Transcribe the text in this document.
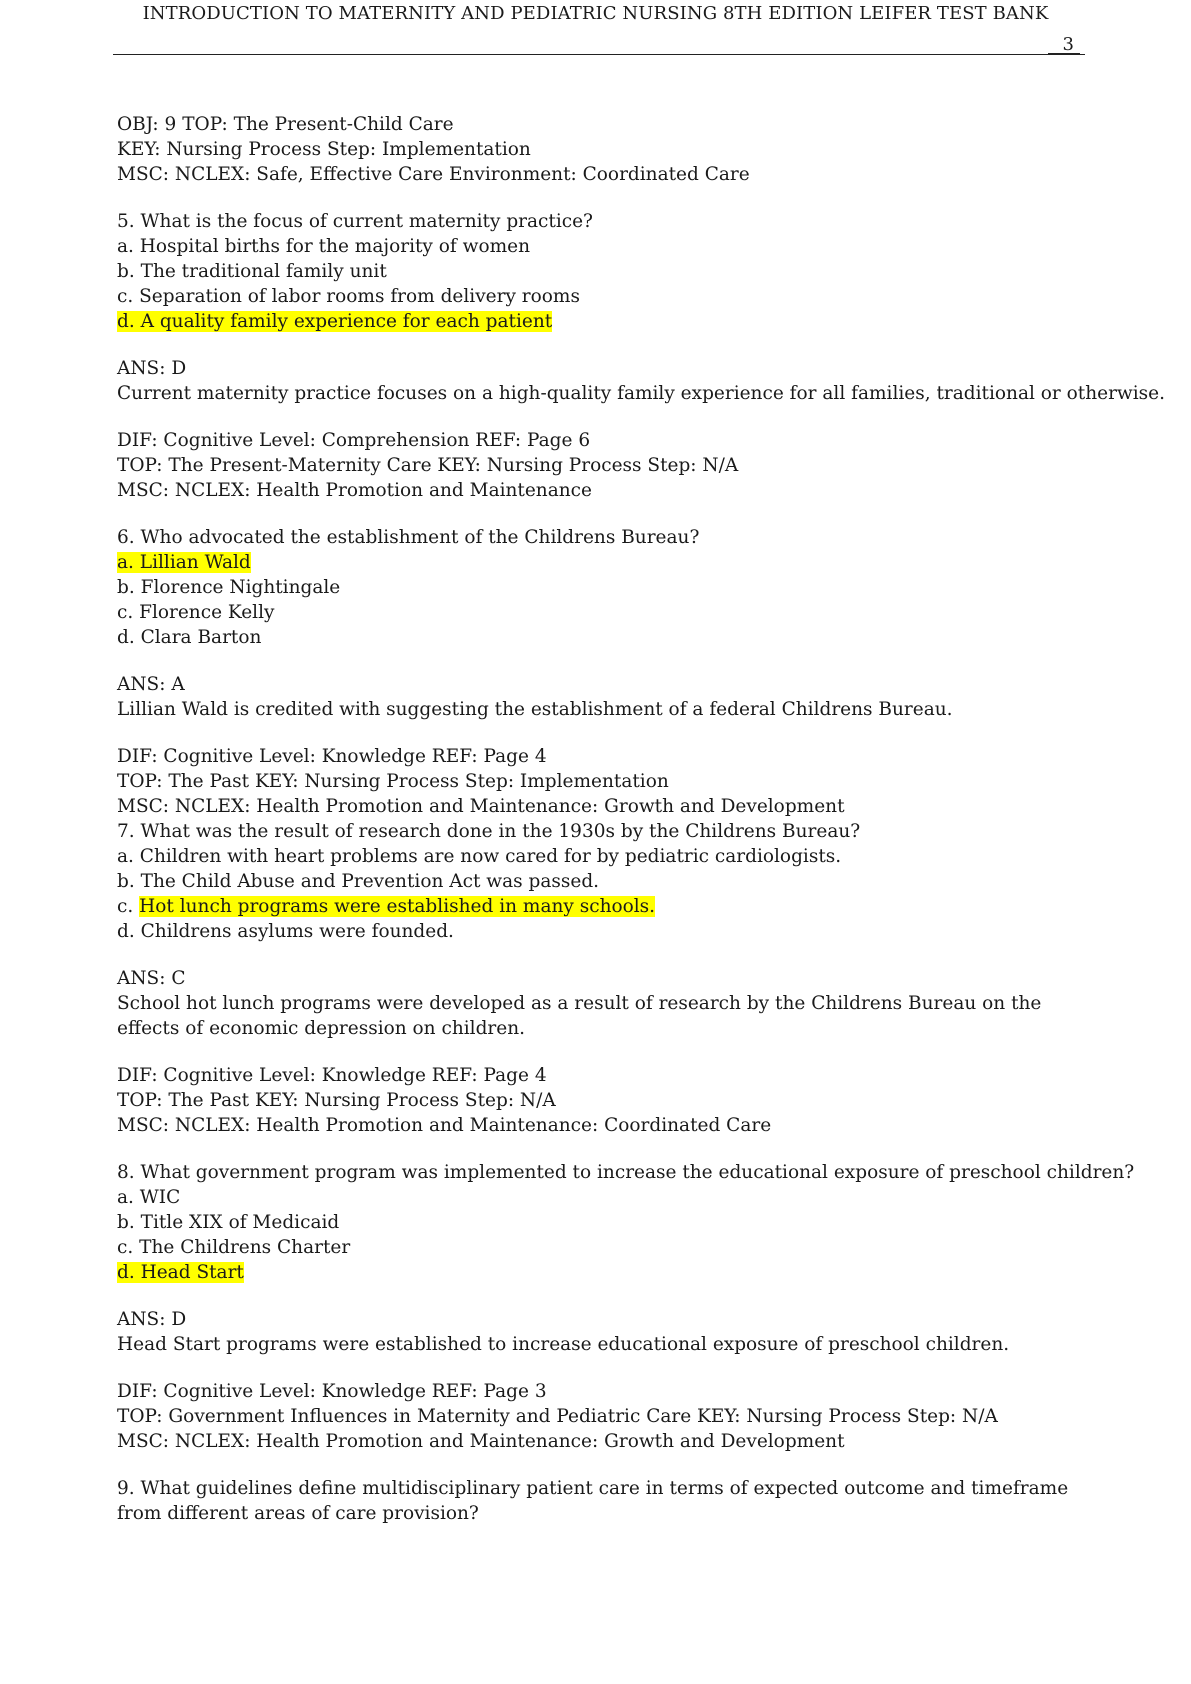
INTRODUCTION TO MATERNITY AND PEDIATRIC NURSING 8TH EDITION LEIFER TEST BANK
3
OBJ: 9 TOP: The Present-Child Care
KEY: Nursing Process Step: Implementation
MSC: NCLEX: Safe, Effective Care Environment: Coordinated Care
5. What is the focus of current maternity practice?
a. Hospital births for the majority of women
b. The traditional family unit
c. Separation of labor rooms from delivery rooms
d. A quality family experience for each patient
ANS: D
Current maternity practice focuses on a high-quality family experience for all families, traditional or otherwise.
DIF: Cognitive Level: Comprehension REF: Page 6
TOP: The Present-Maternity Care KEY: Nursing Process Step: N/A
MSC: NCLEX: Health Promotion and Maintenance
6. Who advocated the establishment of the Childrens Bureau?
a. Lillian Wald
b. Florence Nightingale
c. Florence Kelly
d. Clara Barton
ANS: A
Lillian Wald is credited with suggesting the establishment of a federal Childrens Bureau.
DIF: Cognitive Level: Knowledge REF: Page 4
TOP: The Past KEY: Nursing Process Step: Implementation
MSC: NCLEX: Health Promotion and Maintenance: Growth and Development
7. What was the result of research done in the 1930s by the Childrens Bureau?
a. Children with heart problems are now cared for by pediatric cardiologists.
b. The Child Abuse and Prevention Act was passed.
c. Hot lunch programs were established in many schools.
d. Childrens asylums were founded.
ANS: C
School hot lunch programs were developed as a result of research by the Childrens Bureau on the effects of economic depression on children.
DIF: Cognitive Level: Knowledge REF: Page 4
TOP: The Past KEY: Nursing Process Step: N/A
MSC: NCLEX: Health Promotion and Maintenance: Coordinated Care
8. What government program was implemented to increase the educational exposure of preschool children?
a. WIC
b. Title XIX of Medicaid
c. The Childrens Charter
d. Head Start
ANS: D
Head Start programs were established to increase educational exposure of preschool children.
DIF: Cognitive Level: Knowledge REF: Page 3
TOP: Government Influences in Maternity and Pediatric Care KEY: Nursing Process Step: N/A
MSC: NCLEX: Health Promotion and Maintenance: Growth and Development
9. What guidelines define multidisciplinary patient care in terms of expected outcome and timeframe from different areas of care provision?
